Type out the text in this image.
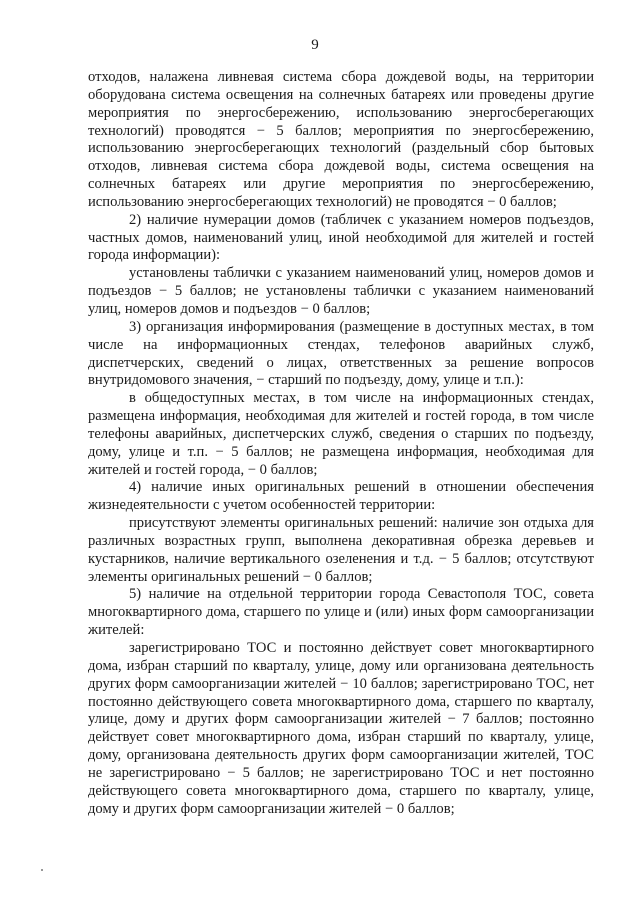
9

отходов, налажена ливневая система сбора дождевой воды, на территории оборудована система освещения на солнечных батареях или проведены другие мероприятия по энергосбережению, использованию энергосберегающих технологий) проводятся − 5 баллов; мероприятия по энергосбережению, использованию энергосберегающих технологий (раздельный сбор бытовых отходов, ливневая система сбора дождевой воды, система освещения на солнечных батареях или другие мероприятия по энергосбережению, использованию энергосберегающих технологий) не проводятся − 0 баллов;

2) наличие нумерации домов (табличек с указанием номеров подъездов, частных домов, наименований улиц, иной необходимой для жителей и гостей города информации):

установлены таблички с указанием наименований улиц, номеров домов и подъездов − 5 баллов; не установлены таблички с указанием наименований улиц, номеров домов и подъездов − 0 баллов;

3) организация информирования (размещение в доступных местах, в том числе на информационных стендах, телефонов аварийных служб, диспетчерских, сведений о лицах, ответственных за решение вопросов внутридомового значения, − старший по подъезду, дому, улице и т.п.):

в общедоступных местах, в том числе на информационных стендах, размещена информация, необходимая для жителей и гостей города, в том числе телефоны аварийных, диспетчерских служб, сведения о старших по подъезду, дому, улице и т.п. − 5 баллов; не размещена информация, необходимая для жителей и гостей города, − 0 баллов;

4) наличие иных оригинальных решений в отношении обеспечения жизнедеятельности с учетом особенностей территории:

присутствуют элементы оригинальных решений: наличие зон отдыха для различных возрастных групп, выполнена декоративная обрезка деревьев и кустарников, наличие вертикального озеленения и т.д. − 5 баллов; отсутствуют элементы оригинальных решений − 0 баллов;

5) наличие на отдельной территории города Севастополя ТОС, совета многоквартирного дома, старшего по улице и (или) иных форм самоорганизации жителей:

зарегистрировано ТОС и постоянно действует совет многоквартирного дома, избран старший по кварталу, улице, дому или организована деятельность других форм самоорганизации жителей − 10 баллов; зарегистрировано ТОС, нет постоянно действующего совета многоквартирного дома, старшего по кварталу, улице, дому и других форм самоорганизации жителей − 7 баллов; постоянно действует совет многоквартирного дома, избран старший по кварталу, улице, дому, организована деятельность других форм самоорганизации жителей, ТОС не зарегистрировано − 5 баллов; не зарегистрировано ТОС и нет постоянно действующего совета многоквартирного дома, старшего по кварталу, улице, дому и других форм самоорганизации жителей − 0 баллов;
